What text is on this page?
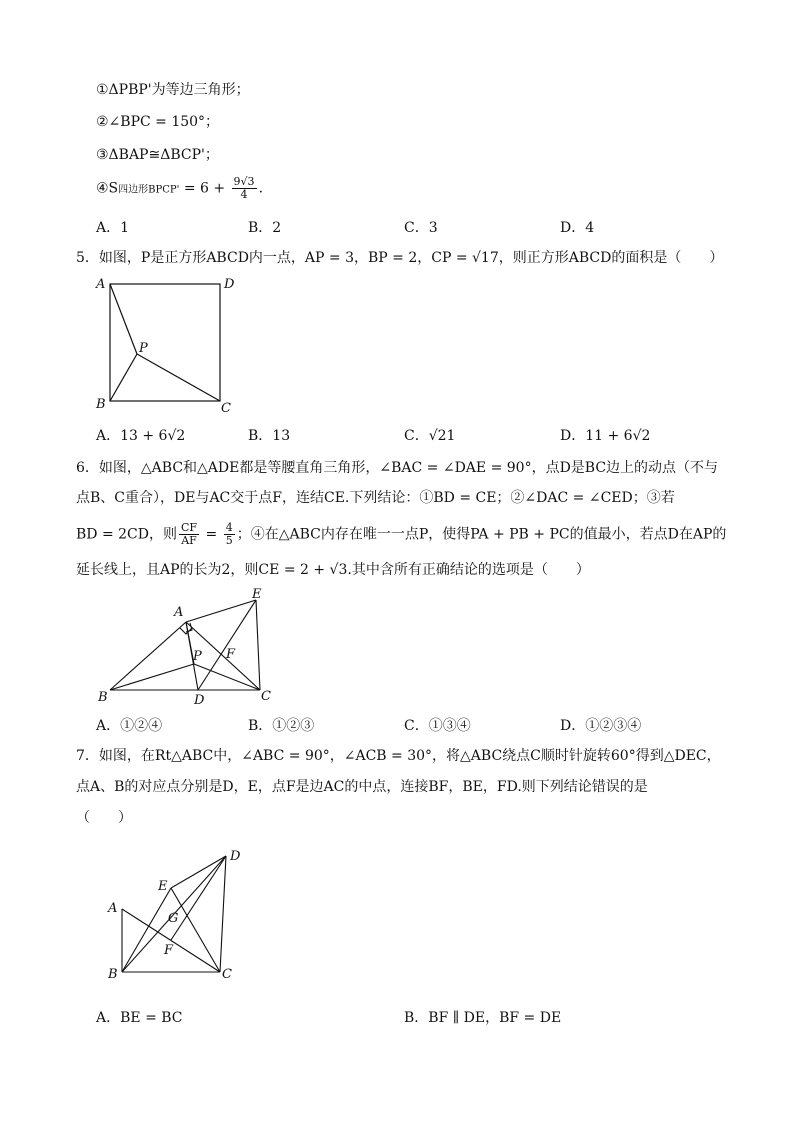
①ΔPBP'为等边三角形；
②∠BPC = 150°；
③ΔBAP≅ΔBCP'；
④S四边形BPCP' = $6 + \frac{9√3}{4}$ .
A．1	B．2	C．3	D．4
5．如图，P是正方形ABCD内一点，AP = 3，BP = 2，CP = √17，则正方形ABCD的面积是（　　）
A	D
P
B	C
A．13 + 6√2	B．13	C．√21	D．11 + 6√2
6．如图，△ABC和△ADE都是等腰直角三角形，∠BAC = ∠DAE = 90°，点D是BC边上的动点（不与
点B、C重合），DE与AC交于点F，连结CE.下列结论：①BD = CE；②∠DAC = ∠CED；③若
BD = 2CD，则 $\frac{CF}{AF} = \frac{4}{5}$ ；④在△ABC内存在唯一一点P，使得PA + PB + PC的值最小，若点D在AP的
延长线上，且AP的长为2，则CE = 2 + √3.其中含所有正确结论的选项是（　　）
A
E
P F
B	D	C
A．①②④	B．①②③	C．①③④	D．①②③④
7．如图，在Rt△ABC中，∠ABC = 90°，∠ACB = 30°，将△ABC绕点C顺时针旋转60°得到△DEC，
点A、B的对应点分别是D，E，点F是边AC的中点，连接BF，BE，FD.则下列结论错误的是
（　　）
D
E
A
G
F
B	C
A．BE = BC	B．BF ∥ DE，BF = DE
